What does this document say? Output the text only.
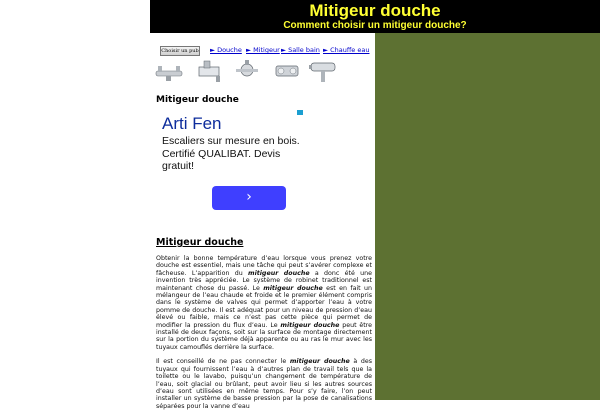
Mitigeur douche
Comment choisir un mitigeur douche?
Choisir un pub ► Douche ► Mitigeur ► Salle bain ► Chauffe eau
Mitigeur douche
Arti Fen
Escaliers sur mesure en bois. Certifié QUALIBAT. Devis gratuit!
›
Mitigeur douche

Obtenir la bonne température d’eau lorsque vous prenez votre douche est essentiel, mais une tâche qui peut s’avérer complexe et fâcheuse. L’apparition du mitigeur douche a donc été une invention très appréciée. Le système de robinet traditionnel est maintenant chose du passé. Le mitigeur douche est en fait un mélangeur de l’eau chaude et froide et le premier élément compris dans le système de valves qui permet d’apporter l’eau à votre pomme de douche. Il est adéquat pour un niveau de pression d’eau élevé ou faible, mais ce n’est pas cette pièce qui permet de modifier la pression du flux d’eau. Le mitigeur douche peut être installé de deux façons, soit sur la surface de montage directement sur la portion du système déjà apparente ou au ras le mur avec les tuyaux camouflés derrière la surface.

Il est conseillé de ne pas connecter le mitigeur douche à des tuyaux qui fournissent l’eau à d’autres plan de travail tels que la toilette ou le lavabo, puisqu’un changement de température de l’eau, soit glacial ou brûlant, peut avoir lieu si les autres sources d’eau sont utilisées en même temps. Pour s’y faire, l’on peut installer un système de basse pression par la pose de canalisations séparées pour la vanne d’eau
